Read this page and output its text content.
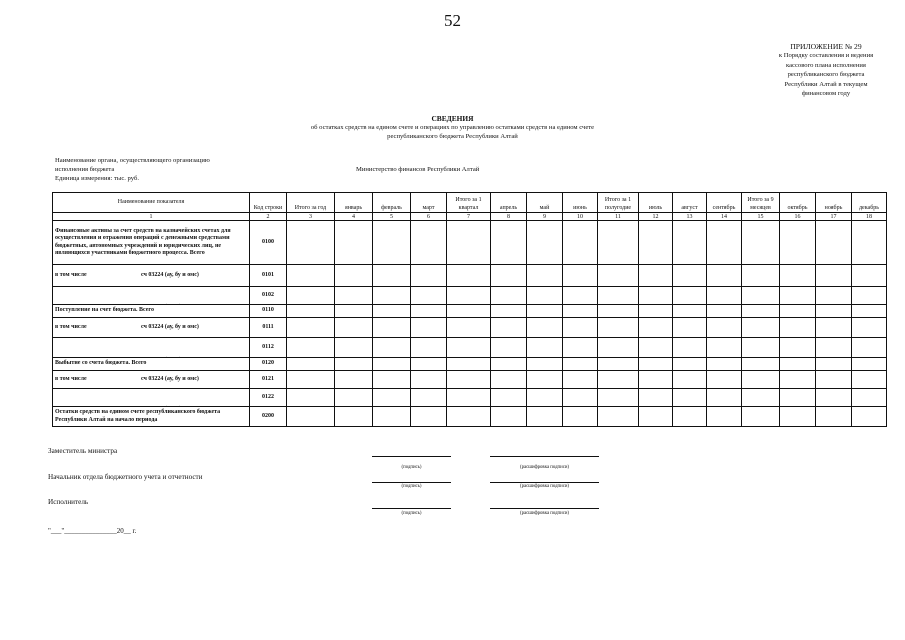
52
ПРИЛОЖЕНИЕ № 29
к Порядку составления и ведения
кассового плана исполнения
республиканского бюджета
Республики Алтай в текущем
финансовом году
СВЕДЕНИЯ
об остатках средств на едином счете и операциях по управлению остатками средств на едином счете
республиканского бюджета Республики Алтай
Наименование органа, осуществляющего организацию
исполнения бюджета	Министерство финансов Республики Алтай
Единица измерения: тыс. руб.
Наименование показателя	Код строки	Итого за год	январь	февраль	март	Итого за 1 квартал	апрель	май	июнь	Итого за 1 полугодие	июль	август	сентябрь	Итого за 9 месяцев	октябрь	ноябрь	декабрь
1	2	3	4	5	6	7	8	9	10	11	12	13	14	15	16	17	18
Финансовые активы за счет средств на казначейских счетах для осуществления и отражения операций с денежными средствами бюджетных, автономных учреждений и юридических лиц, не являющихся участниками бюджетного процесса. Всего	0100																
в том числе сч 03224 (ау, бу и омс)	0101																

	0102																
Поступление на счет бюджета. Всего	0110																
в том числе сч 03224 (ау, бу и омс)	0111																

	0112																
Выбытие со счета бюджета. Всего	0120																
в том числе сч 03224 (ау, бу и омс)	0121																

	0122																
Остатки средств на едином счете республиканского бюджета Республики Алтай на начало периода	0200																
Заместитель министра
(подпись)	(расшифровка подписи)
Начальник отдела бюджетного учета и отчетности
(подпись)	(расшифровка подписи)
Исполнитель
(подпись)	(расшифровка подписи)
"___"_______________20__ г.
